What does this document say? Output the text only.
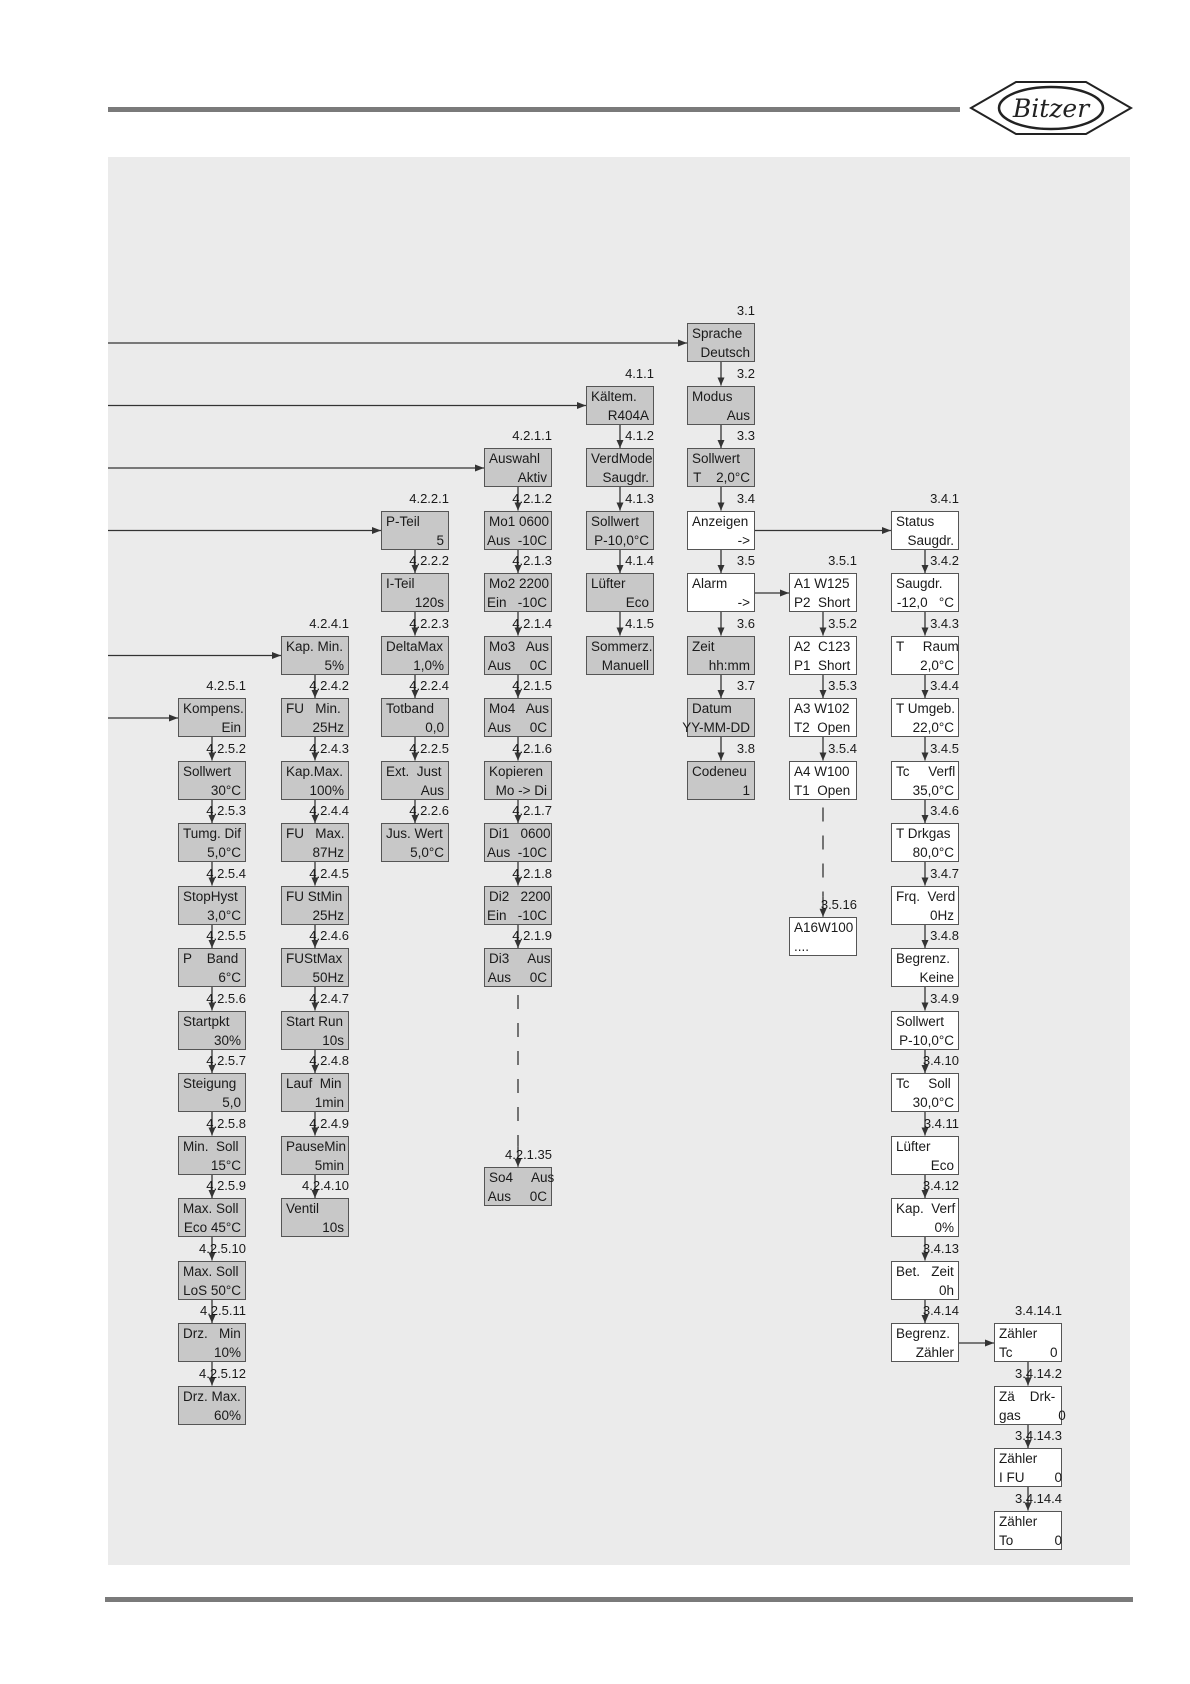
Bitzer
Kompens.
Ein
4.2.5.1
Sollwert
30°C
4.2.5.2
Tumg. Dif
5,0°C
4.2.5.3
StopHyst
3,0°C
4.2.5.4
P    Band
6°C
4.2.5.5
Startpkt
30%
4.2.5.6
Steigung
5,0
4.2.5.7
Min.  Soll
15°C
4.2.5.8
Max. Soll
Eco 45°C
4.2.5.9
Max. Soll
LoS 50°C
4.2.5.10
Drz.   Min
10%
4.2.5.11
Drz. Max.
60%
4.2.5.12
Kap. Min.
5%
4.2.4.1
FU   Min.
25Hz
4.2.4.2
Kap.Max.
100%
4.2.4.3
FU   Max.
87Hz
4.2.4.4
FU StMin
25Hz
4.2.4.5
FUStMax
50Hz
4.2.4.6
Start Run
10s
4.2.4.7
Lauf  Min
1min
4.2.4.8
PauseMin
5min
4.2.4.9
Ventil
10s
4.2.4.10
P-Teil
5
4.2.2.1
I-Teil
120s
4.2.2.2
DeltaMax
1,0%
4.2.2.3
Totband
0,0
4.2.2.4
Ext.  Just
Aus
4.2.2.5
Jus. Wert
5,0°C
4.2.2.6
Auswahl
Aktiv
4.2.1.1
Mo1 0600
Aus  -10C
4.2.1.2
Mo2 2200
Ein   -10C
4.2.1.3
Mo3   Aus
Aus     0C
4.2.1.4
Mo4   Aus
Aus     0C
4.2.1.5
Kopieren
Mo -> Di
4.2.1.6
Di1   0600
Aus  -10C
4.2.1.7
Di2   2200
Ein   -10C
4.2.1.8
Di3     Aus
Aus     0C
4.2.1.9
So4     Aus
Aus     0C
4.2.1.35
Kältem.
R404A
4.1.1
VerdMode
Saugdr.
4.1.2
Sollwert
P-10,0°C
4.1.3
Lüfter
Eco
4.1.4
Sommerz.
Manuell
4.1.5
Sprache
Deutsch
3.1
Modus
Aus
3.2
Sollwert
T    2,0°C
3.3
Anzeigen
->
3.4
Alarm
->
3.5
Zeit
hh:mm
3.6
Datum
YY-MM-DD
3.7
Codeneu
1
3.8
A1 W125
P2  Short
3.5.1
A2  C123
P1  Short
3.5.2
A3 W102
T2  Open
3.5.3
A4 W100
T1  Open
3.5.4
A16W100
....
3.5.16
Status
Saugdr.
3.4.1
Saugdr.
-12,0   °C
3.4.2
T     Raum
2,0°C
3.4.3
T Umgeb.
22,0°C
3.4.4
Tc     Verfl
35,0°C
3.4.5
T Drkgas
80,0°C
3.4.6
Frq.  Verd
0Hz
3.4.7
Begrenz.
Keine
3.4.8
Sollwert
P-10,0°C
3.4.9
Tc     Soll
30,0°C
3.4.10
Lüfter
Eco
3.4.11
Kap.  Verf
0%
3.4.12
Bet.   Zeit
0h
3.4.13
Begrenz.
Zähler
3.4.14
Zähler
Tc          0
3.4.14.1
Zä    Drk-
gas          0
3.4.14.2
Zähler
I FU        0
3.4.14.3
Zähler
To           0
3.4.14.4
